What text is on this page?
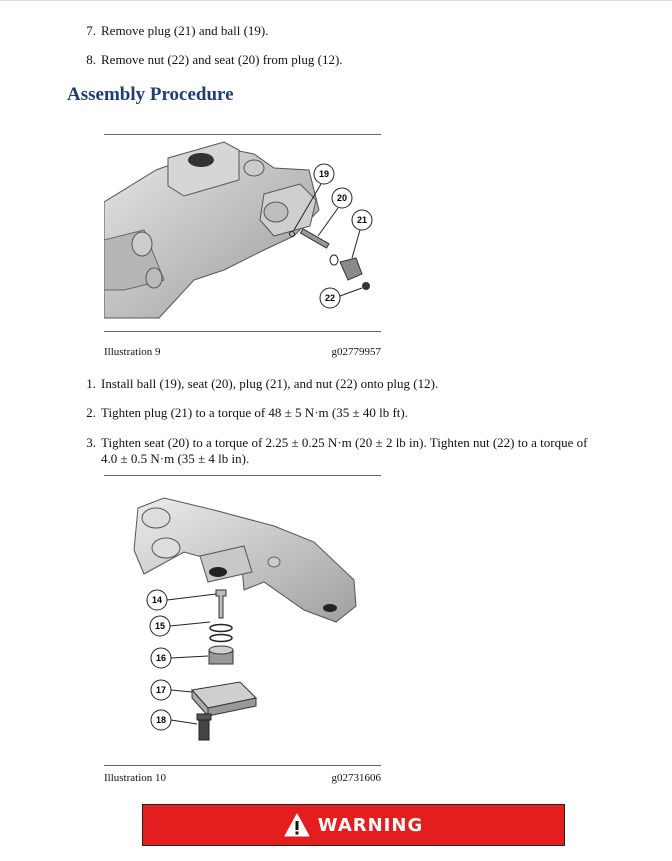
7. Remove plug (21) and ball (19).
8. Remove nut (22) and seat (20) from plug (12).
Assembly Procedure
19
20
21
22
Illustration 9	g02779957
1. Install ball (19), seat (20), plug (21), and nut (22) onto plug (12).
2. Tighten plug (21) to a torque of 48 ± 5 N·m (35 ± 40 lb ft).
3. Tighten seat (20) to a torque of 2.25 ± 0.25 N·m (20 ± 2 lb in). Tighten nut (22) to a torque of 4.0 ± 0.5 N·m (35 ± 4 lb in).
14
15
16
17
18
Illustration 10	g02731606
WARNING
